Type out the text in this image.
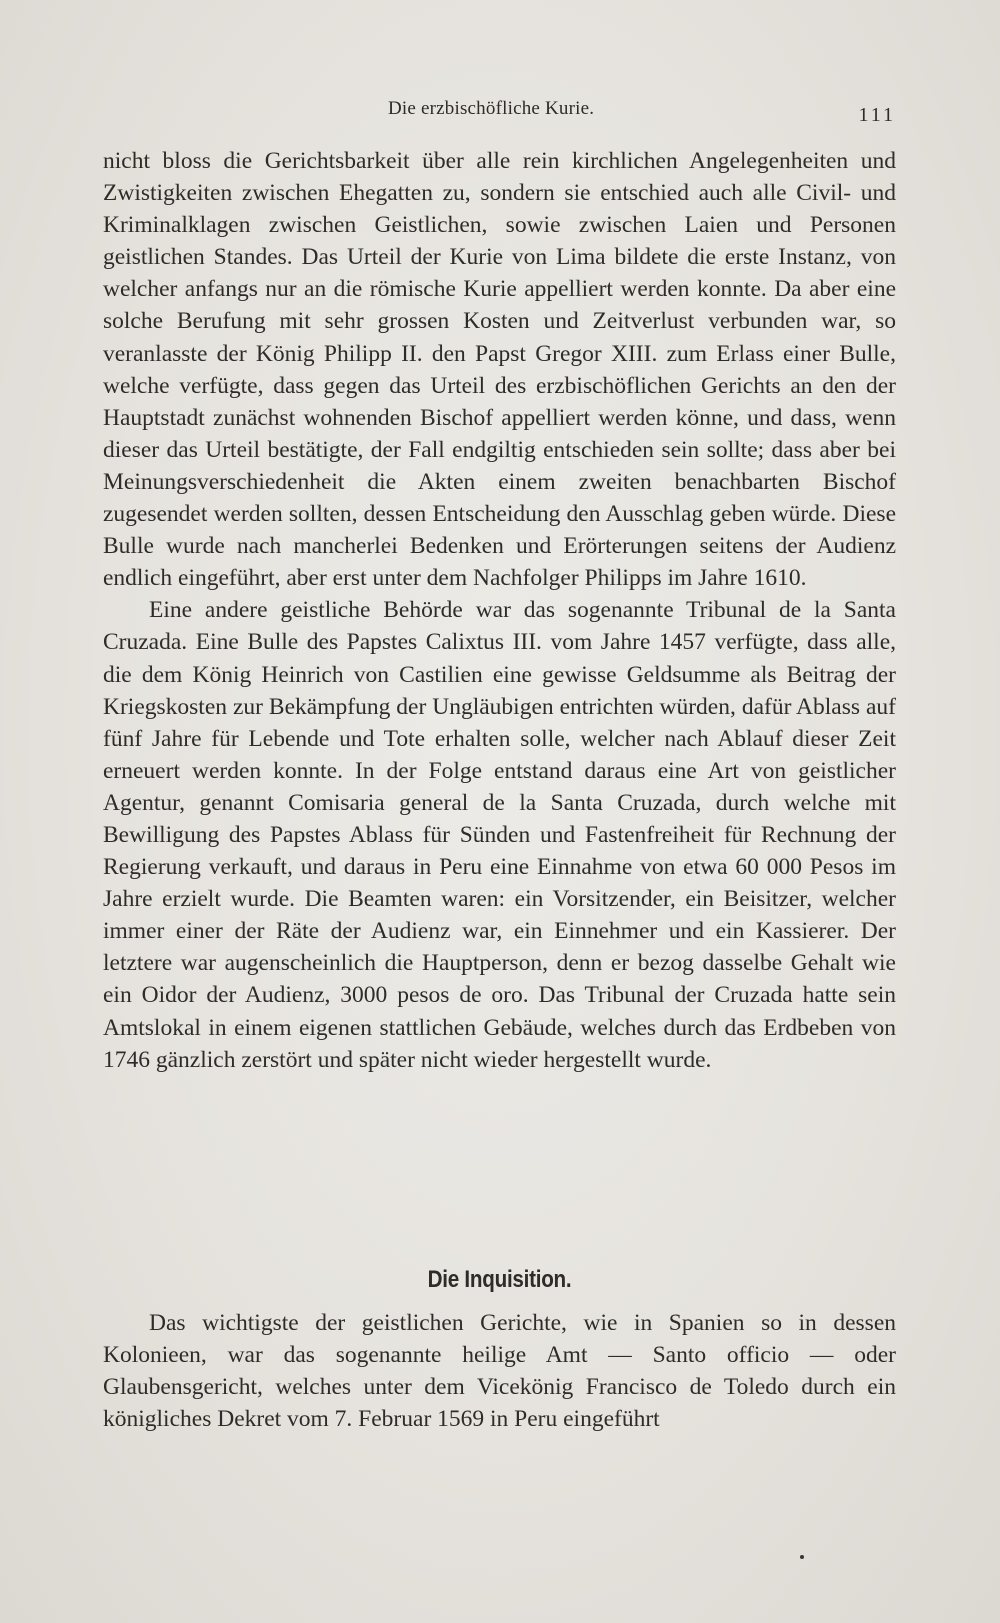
Die erzbischöfliche Kurie.	111

nicht bloss die Gerichtsbarkeit über alle rein kirchlichen Angelegenheiten und Zwistigkeiten zwischen Ehegatten zu, sondern sie entschied auch alle Civil- und Kriminalklagen zwischen Geistlichen, sowie zwischen Laien und Personen geistlichen Standes. Das Urteil der Kurie von Lima bildete die erste Instanz, von welcher anfangs nur an die römische Kurie appelliert werden konnte. Da aber eine solche Berufung mit sehr grossen Kosten und Zeitverlust verbunden war, so veranlasste der König Philipp II. den Papst Gregor XIII. zum Erlass einer Bulle, welche verfügte, dass gegen das Urteil des erzbischöflichen Gerichts an den der Hauptstadt zunächst wohnenden Bischof appelliert werden könne, und dass, wenn dieser das Urteil bestätigte, der Fall endgiltig entschieden sein sollte; dass aber bei Meinungsverschiedenheit die Akten einem zweiten benachbarten Bischof zugesendet werden sollten, dessen Entscheidung den Ausschlag geben würde. Diese Bulle wurde nach mancherlei Bedenken und Erörterungen seitens der Audienz endlich eingeführt, aber erst unter dem Nachfolger Philipps im Jahre 1610.

Eine andere geistliche Behörde war das sogenannte Tribunal de la Santa Cruzada. Eine Bulle des Papstes Calixtus III. vom Jahre 1457 verfügte, dass alle, die dem König Heinrich von Castilien eine gewisse Geldsumme als Beitrag der Kriegskosten zur Bekämpfung der Ungläubigen entrichten würden, dafür Ablass auf fünf Jahre für Lebende und Tote erhalten solle, welcher nach Ablauf dieser Zeit erneuert werden konnte. In der Folge entstand daraus eine Art von geistlicher Agentur, genannt Comisaria general de la Santa Cruzada, durch welche mit Bewilligung des Papstes Ablass für Sünden und Fastenfreiheit für Rechnung der Regierung verkauft, und daraus in Peru eine Einnahme von etwa 60 000 Pesos im Jahre erzielt wurde. Die Beamten waren: ein Vorsitzender, ein Beisitzer, welcher immer einer der Räte der Audienz war, ein Einnehmer und ein Kassierer. Der letztere war augenscheinlich die Hauptperson, denn er bezog dasselbe Gehalt wie ein Oidor der Audienz, 3000 pesos de oro. Das Tribunal der Cruzada hatte sein Amtslokal in einem eigenen stattlichen Gebäude, welches durch das Erdbeben von 1746 gänzlich zerstört und später nicht wieder hergestellt wurde.

Die Inquisition.

Das wichtigste der geistlichen Gerichte, wie in Spanien so in dessen Kolonieen, war das sogenannte heilige Amt — Santo officio — oder Glaubensgericht, welches unter dem Vicekönig Francisco de Toledo durch ein königliches Dekret vom 7. Februar 1569 in Peru eingeführt
